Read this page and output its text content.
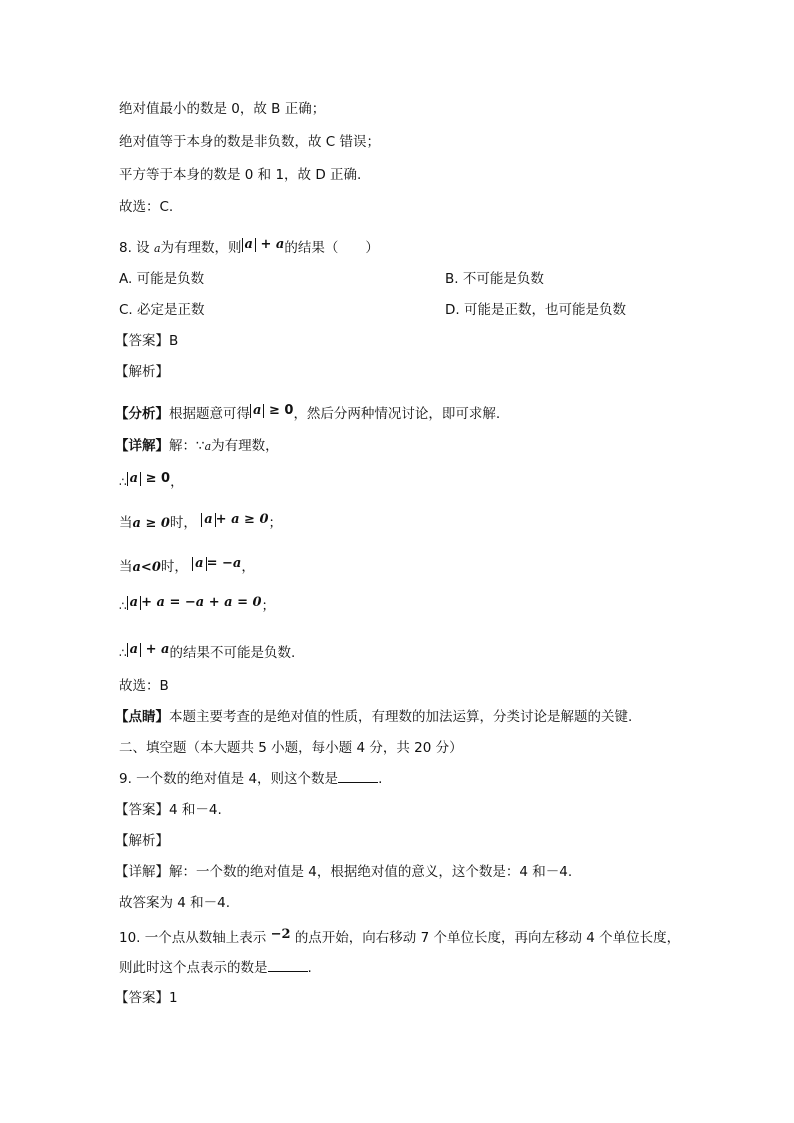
绝对值最小的数是 0，故 B 正确；
绝对值等于本身的数是非负数，故 C 错误；
平方等于本身的数是 0 和 1，故 D 正确.
故选：C.
8. 设 a为有理数，则 a + a的结果（　　）
A. 可能是负数	B. 不可能是负数
C. 必定是正数	D. 可能是正数，也可能是负数
【答案】B
【解析】
【分析】根据题意可得 a ≥ 0，然后分两种情况讨论，即可求解.
【详解】解：∵a为有理数，
∴ a ≥ 0，
当a ≥ 0时， a + a ≥ 0；
当a<0时， a = −a，
∴ a + a = −a + a = 0；
∴ a + a的结果不可能是负数.
故选：B
【点睛】本题主要考查的是绝对值的性质，有理数的加法运算，分类讨论是解题的关键.
二、填空题（本大题共 5 小题，每小题 4 分，共 20 分）
9. 一个数的绝对值是 4，则这个数是	.
【答案】4 和－4.
【解析】
【详解】解：一个数的绝对值是 4，根据绝对值的意义，这个数是：4 和－4.
故答案为 4 和－4.
10. 一个点从数轴上表示 −2 的点开始，向右移动 7 个单位长度，再向左移动 4 个单位长度，
则此时这个点表示的数是	.
【答案】1
